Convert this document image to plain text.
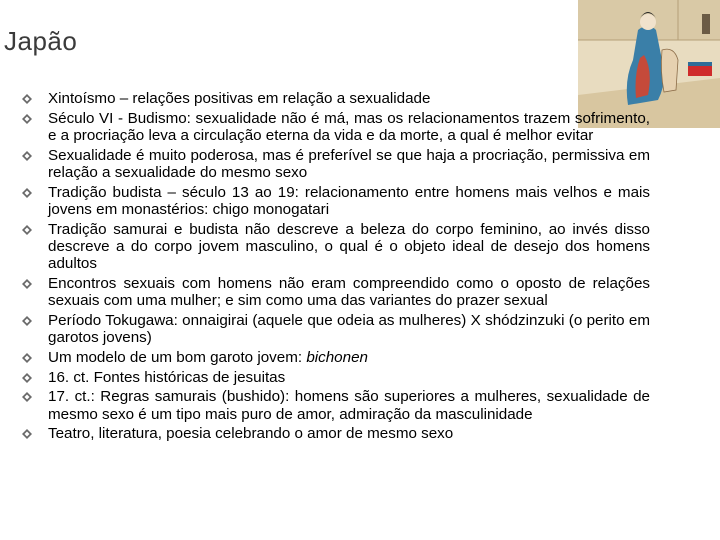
Japão
Xintoísmo – relações positivas em relação a sexualidade
Século VI - Budismo: sexualidade não é má, mas os relacionamentos trazem sofrimento, e a procriação leva a circulação eterna da vida e da morte, a qual é melhor evitar
Sexualidade é muito poderosa, mas é preferível se que haja a procriação, permissiva em relação a sexualidade do mesmo sexo
Tradição budista – século 13 ao 19: relacionamento entre homens mais velhos e mais jovens em monastérios: chigo monogatari
Tradição samurai e budista não descreve a beleza do corpo feminino, ao invés disso descreve a do corpo jovem masculino, o qual é o objeto ideal de desejo dos homens adultos
Encontros sexuais com homens não eram compreendido como o oposto de relações sexuais com uma mulher; e sim como uma das variantes do prazer sexual
Período Tokugawa: onnaigirai (aquele que odeia as mulheres) X shódzinzuki (o perito em garotos jovens)
Um modelo de um bom garoto jovem: bichonen
16. ct. Fontes históricas de jesuitas
17. ct.: Regras samurais (bushido): homens são superiores a mulheres, sexualidade de mesmo sexo é um tipo mais puro de amor, admiração da masculinidade
Teatro, literatura, poesia celebrando o amor de mesmo sexo
